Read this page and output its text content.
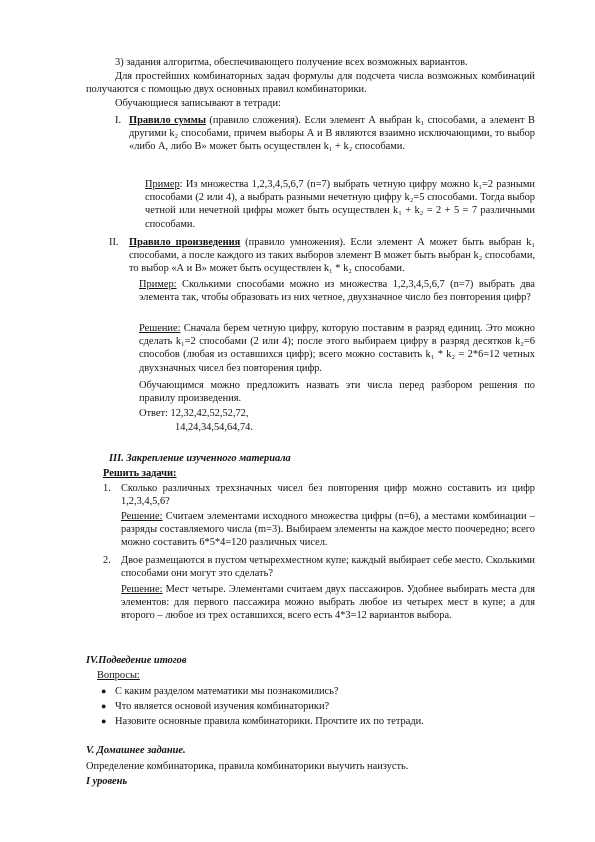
3) задания алгоритма, обеспечивающего получение всех возможных вариантов.

Для простейших комбинаторных задач формулы для подсчета числа возможных комбинаций получаются с помощью двух основных правил комбинаторики.

Обучающиеся записывают в тетради:

I. Правило суммы (правило сложения). Если элемент А выбран k₁ способами, а элемент В другими k₂ способами, причем выборы А и В являются взаимно исключающими, то выбор «либо А, либо В» может быть осуществлен k₁ + k₂ способами.

Пример: Из множества 1,2,3,4,5,6,7 (n=7) выбрать четную цифру можно k₁=2 разными способами (2 или 4), а выбрать разными нечетную цифру k₂=5 способами. Тогда выбор четной или нечетной цифры может быть осуществлен k₁ + k₂ = 2 + 5 = 7 различными способами.

II.	Правило произведения (правило умножения). Если элемент А может быть выбран k₁ способами, а после каждого из таких выборов элемент В может быть выбран k₂ способами, то выбор «А и В» может быть осуществлен k₁ * k₂ способами.

Пример: Сколькими способами можно из множества 1,2,3,4,5,6,7 (n=7) выбрать два элемента так, чтобы образовать из них четное, двухзначное число без повторения цифр?

Решение: Сначала берем четную цифру, которую поставим в разряд единиц. Это можно сделать k₁=2 способами (2 или 4); после этого выбираем цифру в разряд десятков k₂=6 способов (любая из оставшихся цифр); всего можно составить k₁ * k₂ = 2*6=12 четных двухзначных чисел без повторения цифр.

Обучающимся можно предложить назвать эти числа перед разбором решения по правилу произведения.

Ответ: 12,32,42,52,52,72,

14,24,34,54,64,74.

III. Закрепление изученного материала

Решить задачи:

1. Сколько различных трехзначных чисел без повторения цифр можно составить из цифр 1,2,3,4,5,6?

Решение: Считаем элементами исходного множества цифры (n=6), а местами комбинации – разряды составляемого числа (m=3). Выбираем элементы на каждое место поочередно; всего можно составить 6*5*4=120 различных чисел.

2. Двое размещаются в пустом четырехместном купе; каждый выбирает себе место. Сколькими способами они могут это сделать?

Решение: Мест четыре. Элементами считаем двух пассажиров. Удобнее выбирать места для элементов: для первого пассажира можно выбрать любое из четырех мест в купе; а для второго – любое из трех оставшихся, всего есть 4*3=12 вариантов выбора.

IV.Подведение итогов

Вопросы:

● С каким разделом математики мы познакомились?
● Что является основой изучения комбинаторики?
● Назовите основные правила комбинаторики. Прочтите их по тетради.

V. Домашнее задание.

Определение комбинаторика, правила комбинаторики выучить наизусть.

I уровень
